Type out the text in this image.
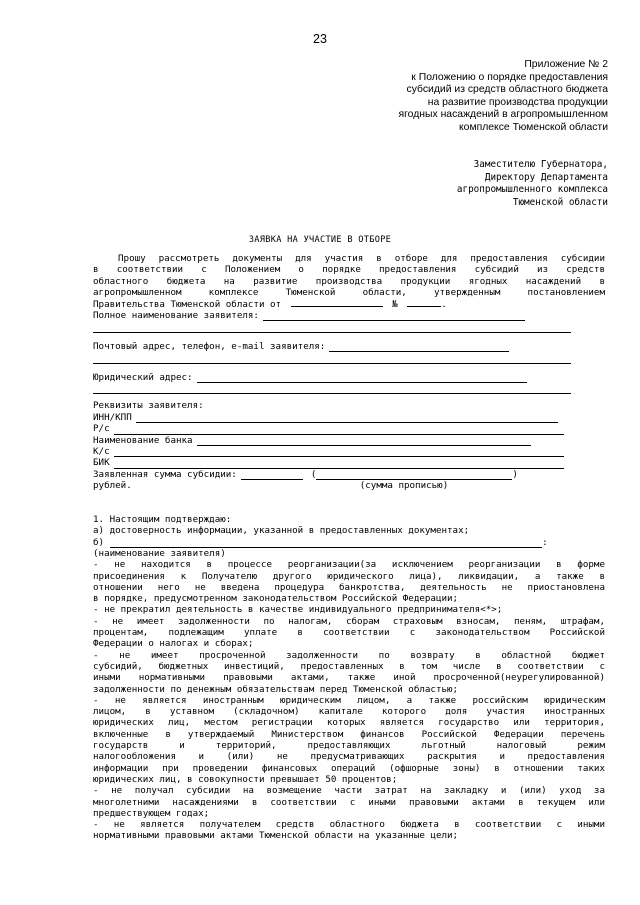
23
Приложение № 2
к Положению о порядке предоставления
субсидий из средств областного бюджета
на развитие производства продукции
ягодных насаждений в агропромышленном
комплексе Тюменской области
Заместителю Губернатора,
Директору Департамента
агропромышленного комплекса
Тюменской области
ЗАЯВКА НА УЧАСТИЕ В ОТБОРЕ
Прошу рассмотреть документы для участия в отборе для предоставления субсидии
в соответствии с Положением о порядке предоставления субсидий из средств
областного бюджета на развитие производства продукции ягодных насаждений в
агропромышленном комплексе Тюменской области, утвержденным постановлением
Правительства Тюменской области от	№	.
Полное наименование заявителя:
Почтовый адрес, телефон, e-mail заявителя:
Юридический адрес:
Реквизиты заявителя:
ИНН/КПП
Р/с
Наименование банка
К/с
БИК
Заявленная сумма субсидии:	(	)
рублей.	(сумма прописью)
1. Настоящим подтверждаю:
а) достоверность информации, указанной в предоставленных документах;
б)	:
(наименование заявителя)
- не находится в процессе реорганизации(за исключением реорганизации в форме
присоединения к Получателю другого юридического лица), ликвидации, а также в
отношении него не введена процедура банкротства, деятельность не приостановлена
в порядке, предусмотренном законодательством Российской Федерации;
- не прекратил деятельность в качестве индивидуального предпринимателя<*>;
- не имеет задолженности по налогам, сборам страховым взносам, пеням, штрафам,
процентам, подлежащим уплате в соответствии с законодательством Российской
Федерации о налогах и сборах;
- не имеет просроченной задолженности по возврату в областной бюджет
субсидий, бюджетных инвестиций, предоставленных в том числе в соответствии с
иными нормативными правовыми актами, также иной просроченной(неурегулированной)
задолженности по денежным обязательствам перед Тюменской областью;
- не является иностранным юридическим лицом, а также российским юридическим
лицом, в уставном (складочном) капитале которого доля участия иностранных
юридических лиц, местом регистрации которых является государство или территория,
включенные в утверждаемый Министерством финансов Российской Федерации перечень
государств и территорий, предоставляющих льготный налоговый режим
налогообложения и (или) не предусматривающих раскрытия и предоставления
информации при проведении финансовых операций (офшорные зоны) в отношении таких
юридических лиц, в совокупности превышает 50 процентов;
- не получал субсидии на возмещение части затрат на закладку и (или) уход за
многолетними насаждениями в соответствии с иными правовыми актами в текущем или
предшествующем годах;
- не является получателем средств областного бюджета в соответствии с иными
нормативными правовыми актами Тюменской области на указанные цели;
